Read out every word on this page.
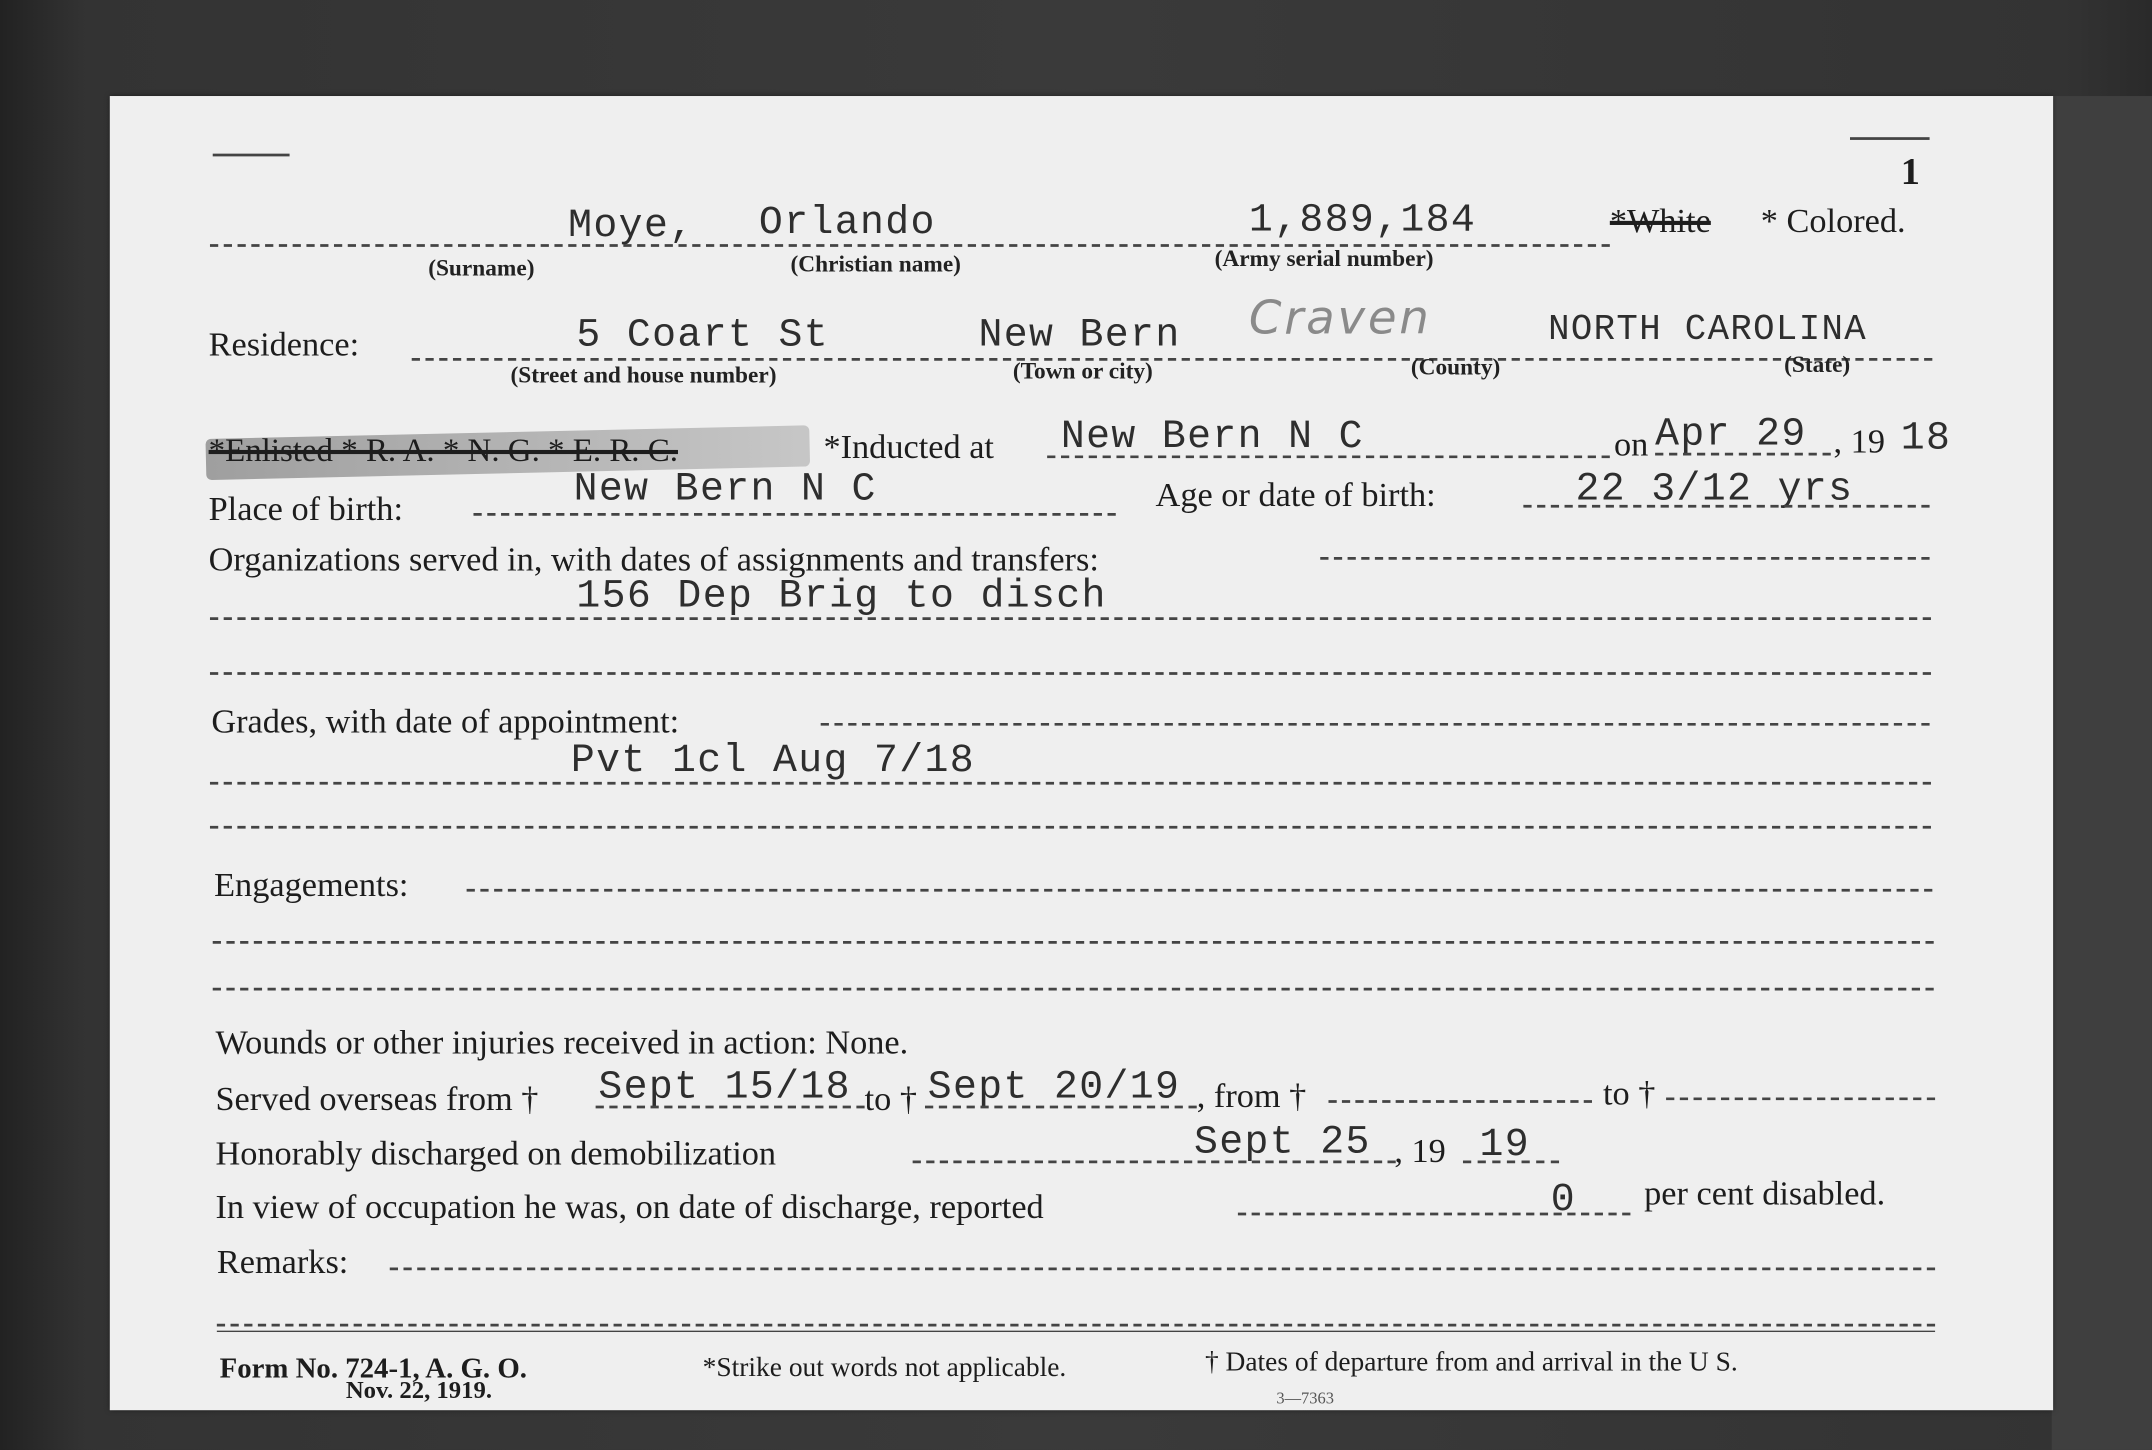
1
Moye, Orlando	1,889,184	*White * Colored.
(Surname)	(Christian name)	(Army serial number)
Residence:	5 Coart St	New Bern Craven	NORTH CAROLINA
(Street and house number)	(Town or city)	(County)	(State)
*Enlisted * R. A. * N. G. * E. R. C.	*Inducted at New Bern N C	on Apr 29 , 19 18
Place of birth:	New Bern N C	Age or date of birth:	22 3/12 yrs
Organizations served in, with dates of assignments and transfers:
156 Dep Brig to disch
Grades, with date of appointment:
Pvt 1cl Aug 7/18
Engagements:
Wounds or other injuries received in action: None.
Served overseas from † Sept 15/18 to † Sept 20/19 , from †	to †
Honorably discharged on demobilization	Sept 25 , 19 19
In view of occupation he was, on date of discharge, reported	0	per cent disabled.
Remarks:
Form No. 724-1, A. G. O.
Nov. 22, 1919.
*Strike out words not applicable.	† Dates of departure from and arrival in the U S.
3—7363
